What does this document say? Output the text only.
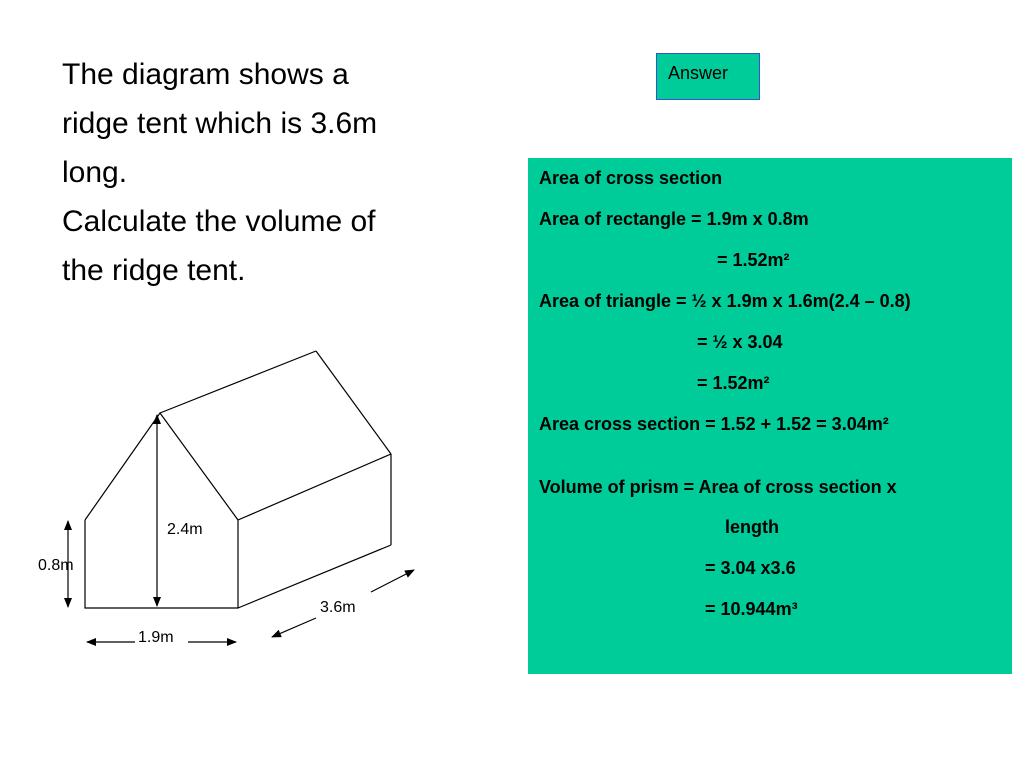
The diagram shows a

ridge tent which is 3.6m

long.

Calculate the volume of

the ridge tent.

Answer
Area of cross section
Area of rectangle = 1.9m x 0.8m
= 1.52m²
Area of triangle = ½ x 1.9m x 1.6m(2.4 – 0.8)
= ½ x 3.04
= 1.52m²
Area cross section = 1.52 + 1.52 = 3.04m²
Volume of prism = Area of cross section x
length
= 3.04 x3.6
= 10.944m³
2.4m
0.8m
1.9m
3.6m
